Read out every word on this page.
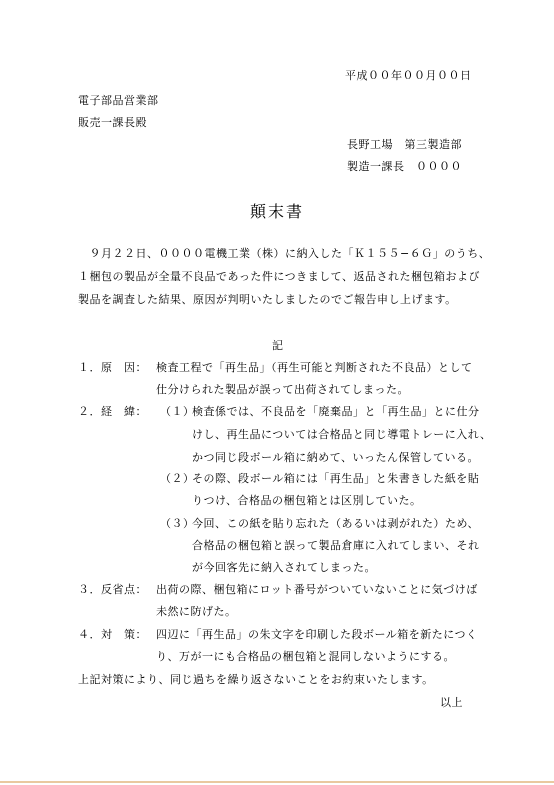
平成００年００月００日
電子部品営業部
販売一課長殿
長野工場　第三製造部
製造一課長　００００
顛末書
　９月２２日、００００電機工業（株）に納入した「Ｋ１５５−６Ｇ」のうち、
１梱包の製品が全量不良品であった件につきまして、返品された梱包箱および
製品を調査した結果、原因が判明いたしましたのでご報告申し上げます。
記
１．原　因： 検査工程で「再生品」（再生可能と判断された不良品）として
仕分けられた製品が誤って出荷されてしまった。
２．経　緯： （１）
検査係では、不良品を「廃棄品」と「再生品」とに仕分
けし、再生品については合格品と同じ導電トレーに入れ、
かつ同じ段ボール箱に納めて、いったん保管している。
（２）
その際、段ボール箱には「再生品」と朱書きした紙を貼
りつけ、合格品の梱包箱とは区別していた。
（３）
今回、この紙を貼り忘れた（あるいは剥がれた）ため、
合格品の梱包箱と誤って製品倉庫に入れてしまい、それ
が今回客先に納入されてしまった。
３．反省点： 出荷の際、梱包箱にロット番号がついていないことに気づけば
未然に防げた。
４．対　策： 四辺に「再生品」の朱文字を印刷した段ボール箱を新たにつく
り、万が一にも合格品の梱包箱と混同しないようにする。
上記対策により、同じ過ちを繰り返さないことをお約束いたします。
以上
